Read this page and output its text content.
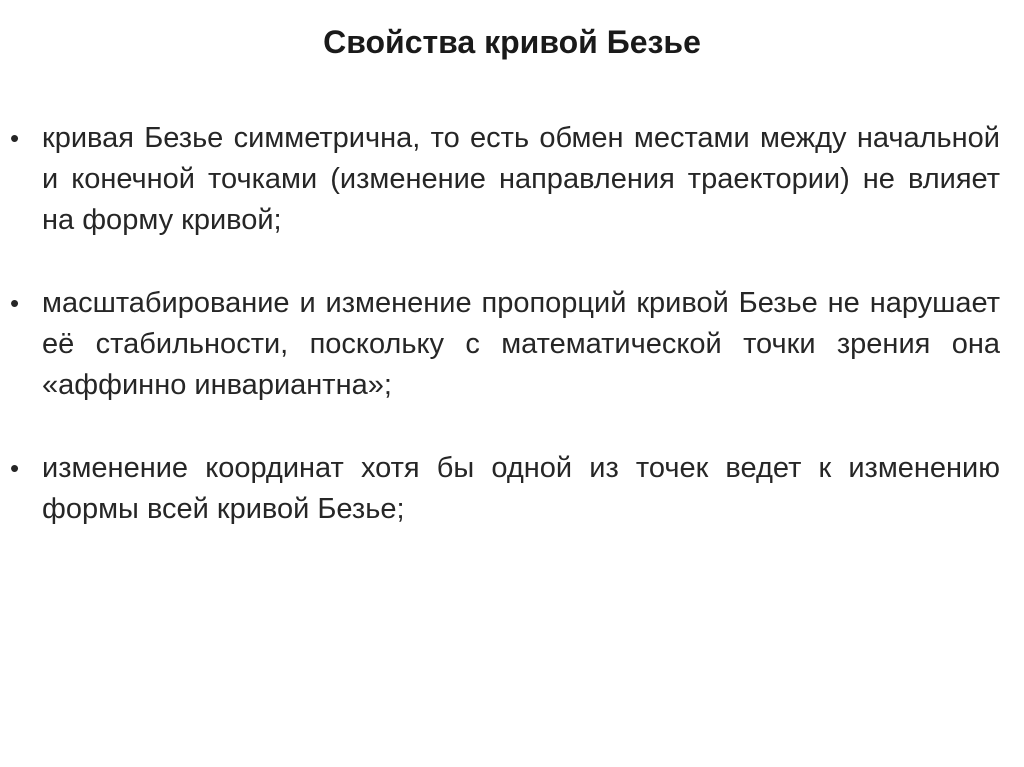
Свойства кривой Безье
• кривая Безье симметрична, то есть обмен местами между начальной и конечной точками (изменение направления траектории) не влияет на форму кривой;
• масштабирование и изменение пропорций кривой Безье не нарушает её стабильности, поскольку с математической точки зрения она «аффинно инвариантна»;
• изменение координат хотя бы одной из точек ведет к изменению формы всей кривой Безье;
